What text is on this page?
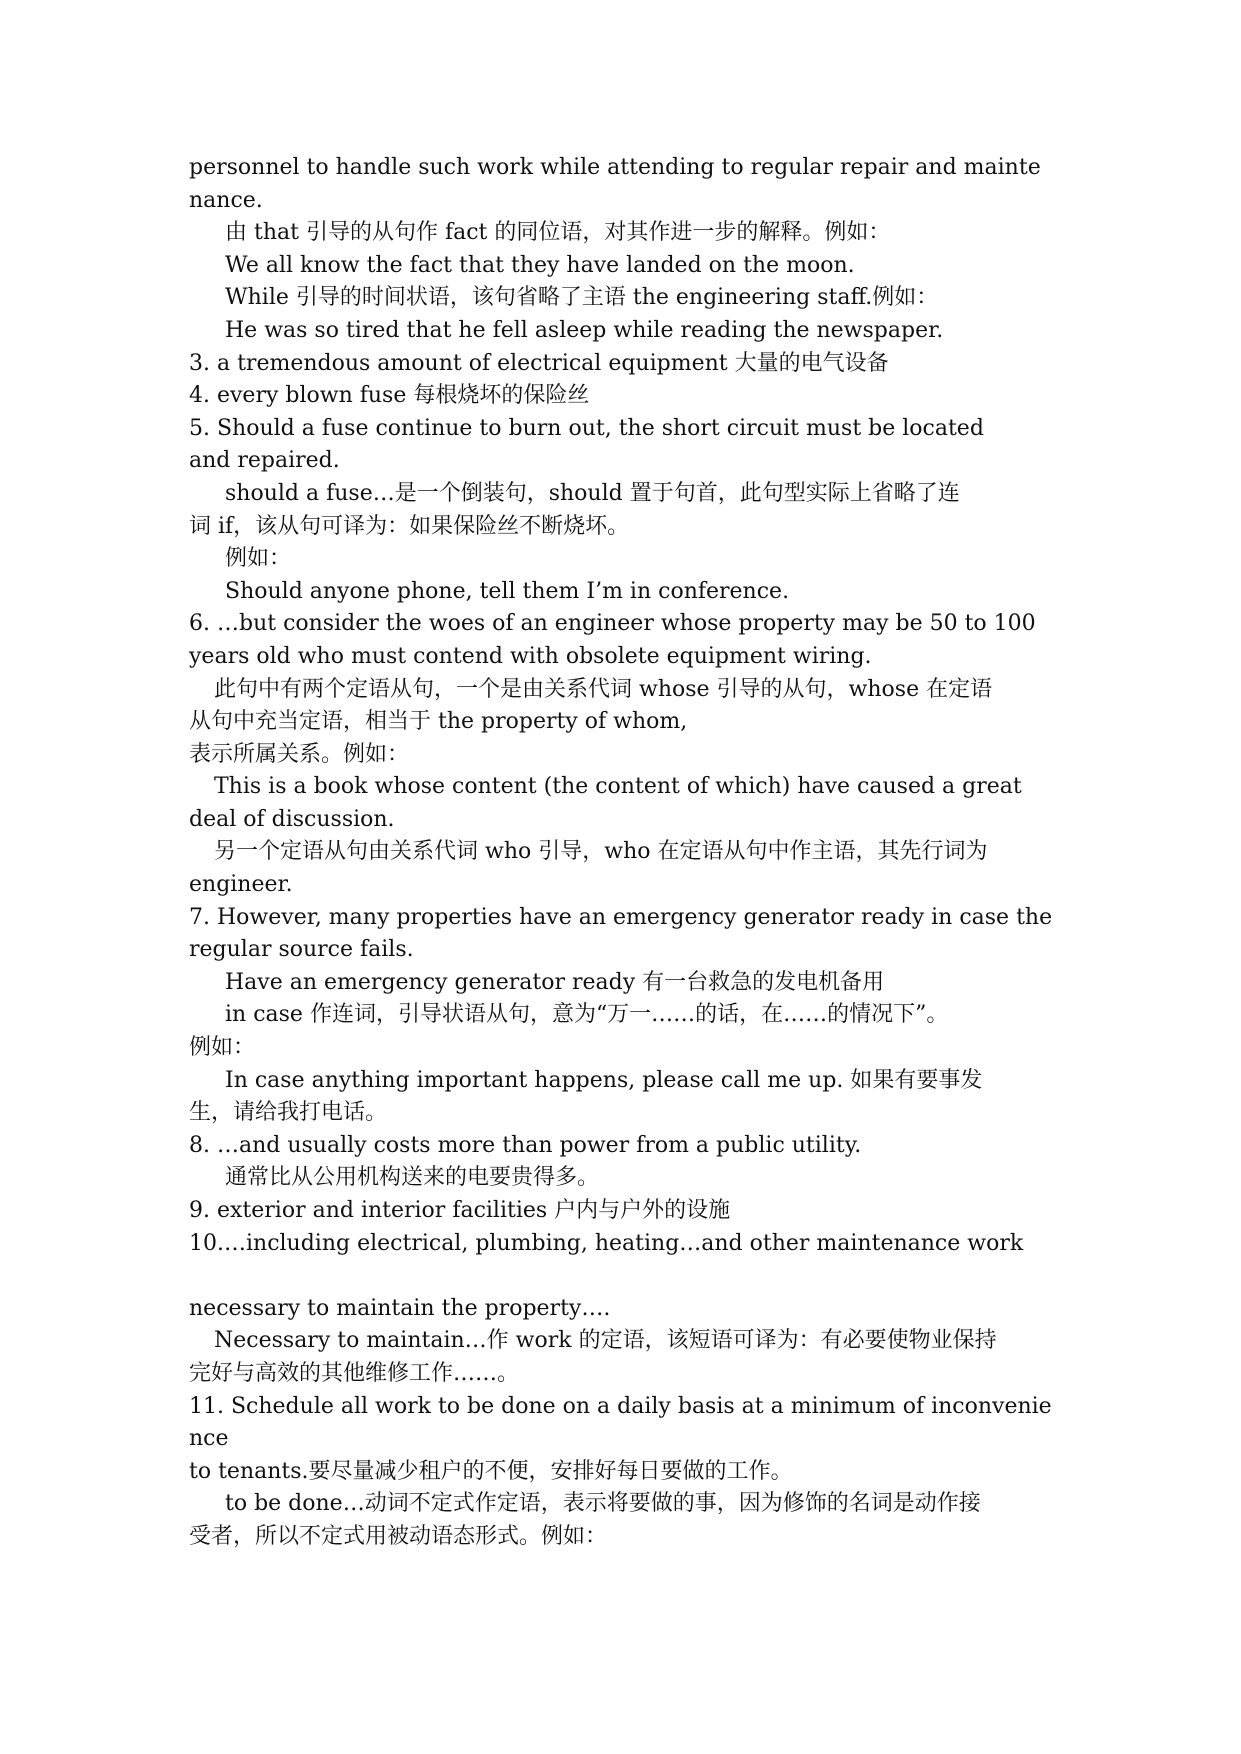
personnel to handle such work while attending to regular repair and mainte
nance.
由 that 引导的从句作 fact 的同位语，对其作进一步的解释。例如：
We all know the fact that they have landed on the moon.
While 引导的时间状语，该句省略了主语 the engineering staff.例如：
He was so tired that he fell asleep while reading the newspaper.
3. a tremendous amount of electrical equipment 大量的电气设备
4. every blown fuse 每根烧坏的保险丝
5. Should a fuse continue to burn out, the short circuit must be located
and repaired.
should a fuse…是一个倒装句，should 置于句首，此句型实际上省略了连
词 if，该从句可译为：如果保险丝不断烧坏。
例如：
Should anyone phone, tell them I’m in conference.
6. …but consider the woes of an engineer whose property may be 50 to 100
years old who must contend with obsolete equipment wiring.
此句中有两个定语从句，一个是由关系代词 whose 引导的从句，whose 在定语
从句中充当定语，相当于 the property of whom,
表示所属关系。例如：
This is a book whose content (the content of which) have caused a great
deal of discussion.
另一个定语从句由关系代词 who 引导，who 在定语从句中作主语，其先行词为
engineer.
7. However, many properties have an emergency generator ready in case the
regular source fails.
Have an emergency generator ready 有一台救急的发电机备用
in case 作连词，引导状语从句，意为“万一……的话，在……的情况下”。
例如：
In case anything important happens, please call me up. 如果有要事发
生，请给我打电话。
8. …and usually costs more than power from a public utility.
通常比从公用机构送来的电要贵得多。
9. exterior and interior facilities 户内与户外的设施
10.…including electrical, plumbing, heating…and other maintenance work
necessary to maintain the property….
Necessary to maintain…作 work 的定语，该短语可译为：有必要使物业保持
完好与高效的其他维修工作……。
11. Schedule all work to be done on a daily basis at a minimum of inconvenie
nce
to tenants.要尽量减少租户的不便，安排好每日要做的工作。
to be done…动词不定式作定语，表示将要做的事，因为修饰的名词是动作接
受者，所以不定式用被动语态形式。例如：
